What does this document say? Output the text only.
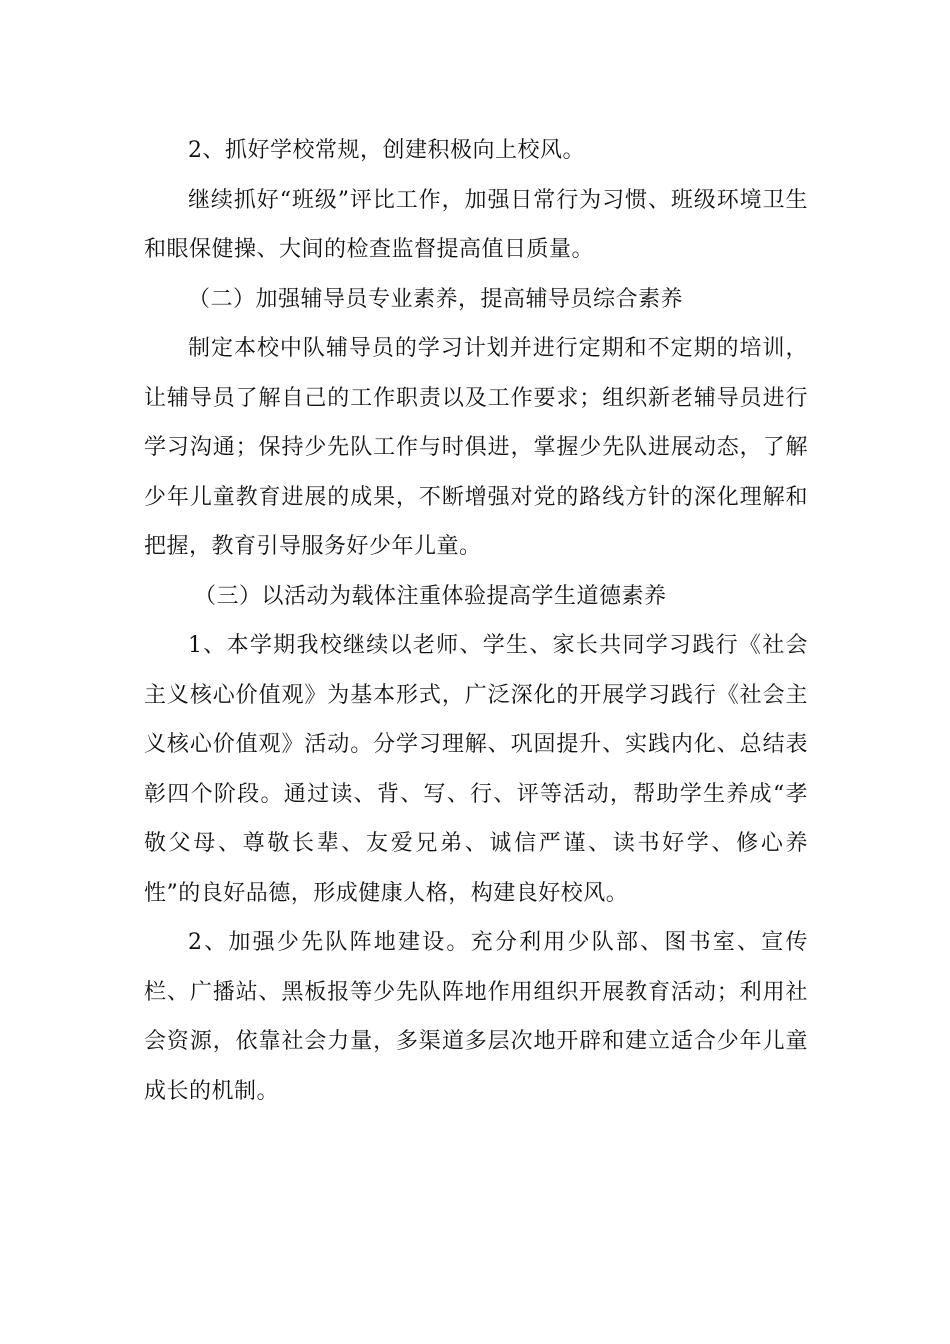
2、抓好学校常规，创建积极向上校风。

继续抓好“班级”评比工作，加强日常行为习惯、班级环境卫生和眼保健操、大间的检查监督提高值日质量。

（二）加强辅导员专业素养，提高辅导员综合素养

制定本校中队辅导员的学习计划并进行定期和不定期的培训，让辅导员了解自己的工作职责以及工作要求；组织新老辅导员进行学习沟通；保持少先队工作与时俱进，掌握少先队进展动态，了解少年儿童教育进展的成果，不断增强对党的路线方针的深化理解和把握，教育引导服务好少年儿童。

（三）以活动为载体注重体验提高学生道德素养

1、本学期我校继续以老师、学生、家长共同学习践行《社会主义核心价值观》为基本形式，广泛深化的开展学习践行《社会主义核心价值观》活动。分学习理解、巩固提升、实践内化、总结表彰四个阶段。通过读、背、写、行、评等活动，帮助学生养成“孝敬父母、尊敬长辈、友爱兄弟、诚信严谨、读书好学、修心养性”的良好品德，形成健康人格，构建良好校风。

2、加强少先队阵地建设。充分利用少队部、图书室、宣传栏、广播站、黑板报等少先队阵地作用组织开展教育活动；利用社会资源，依靠社会力量，多渠道多层次地开辟和建立适合少年儿童成长的机制。
